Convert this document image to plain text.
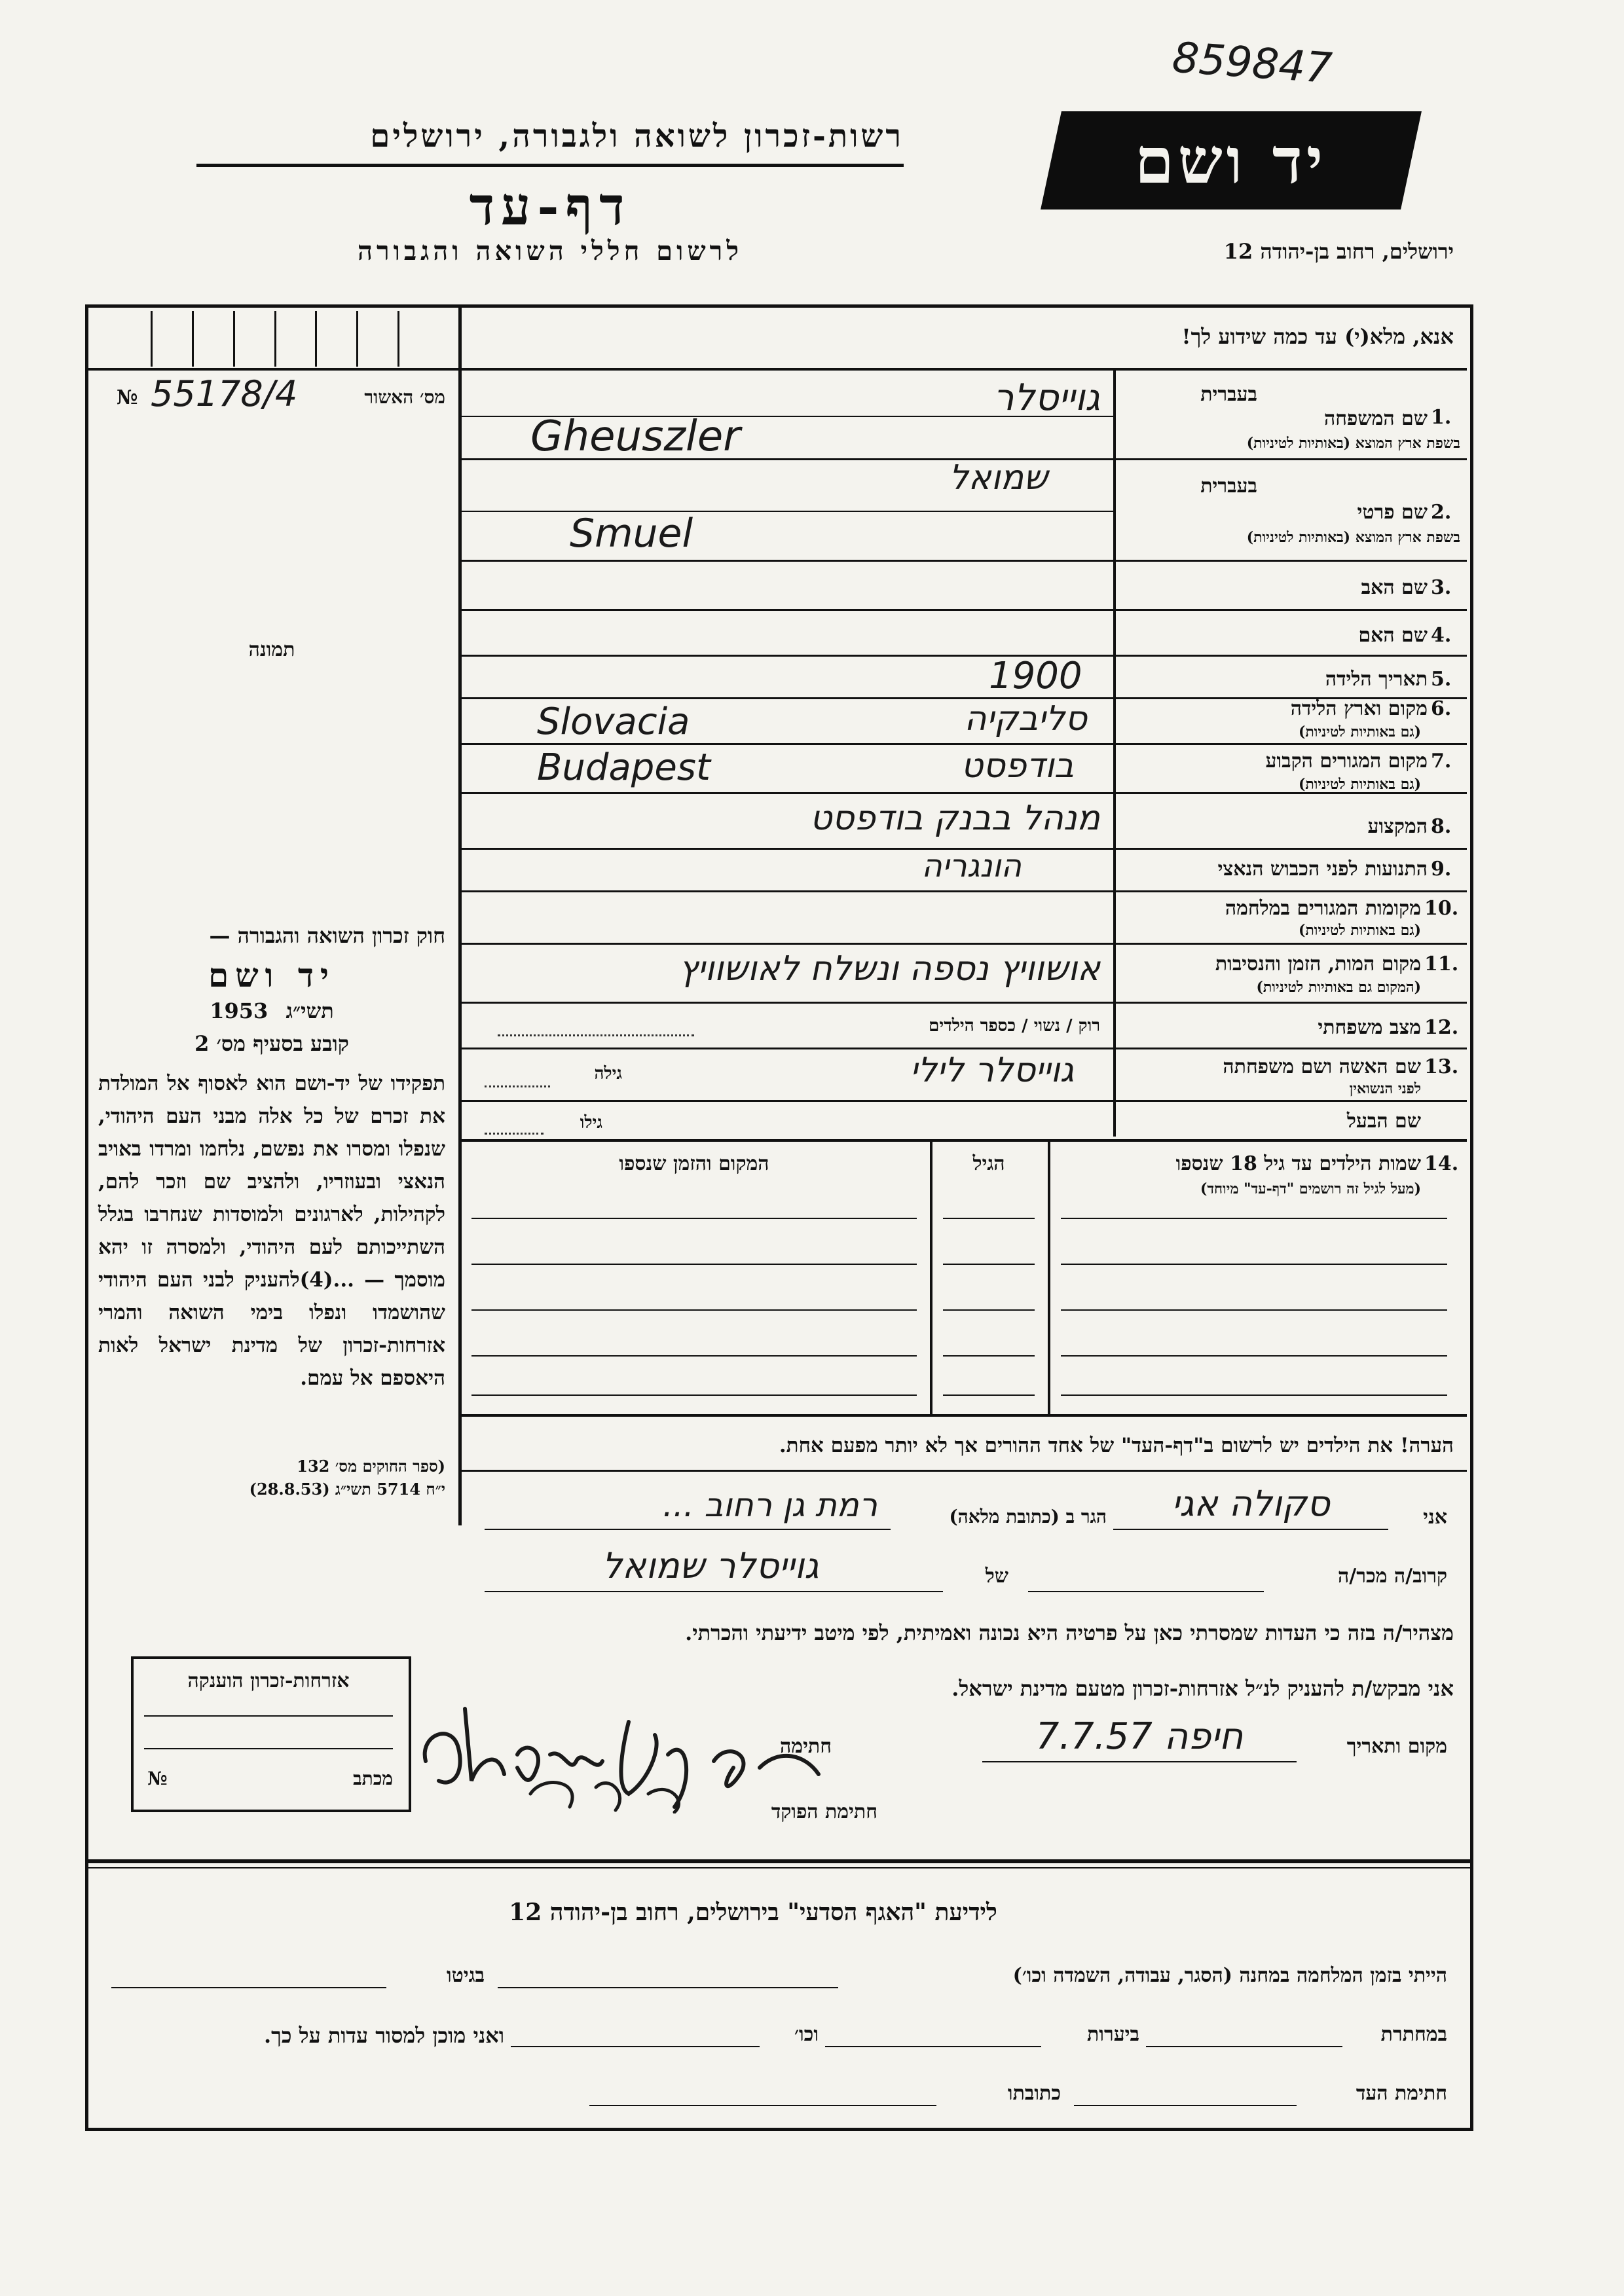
859847
רשות-זכרון לשואה ולגבורה, ירושלים
דף-עד
לרשום חללי השואה והגבורה
יד ושם
ירושלים, רחוב בן-יהודה 12
№ 55178/4	מס׳ האשור
תמונה
חוק זכרון השואה והגבורה —
יד ושם
1953 תשי״ג
קובע בסעיף מס׳ 2
תפקידו של יד-ושם הוא לאסוף אל המולדת את זכרם של כל אלה מבני העם היהודי, שנפלו ומסרו את נפשם, נלחמו ומרדו באויב הנאצי ובעוזריו, ולהציב שם וזכר להם, לקהילות, לארגונים ולמוסדות שנחרבו בגלל השתייכותם לעם היהודי, ולמסרה זו יהא מוסמך — ...(4)להעניק לבני העם היהודי שהושמדו ונפלו בימי השואה והמרי אזרחות-זכרון של מדינת ישראל לאות היאספם אל עמם.
(ספר החוקים מס׳ 132
י״ח 5714 תשי״ג (28.8.53)
אנא, מלא(י) עד כמה שידוע לך!
1.
בעברית
שם המשפחה
בשפת ארץ המוצא (באותיות לטיניות)
גוייסלר
Gheuszler
2.
בעברית
שם פרטי
בשפת ארץ המוצא (באותיות לטיניות)
שמואל
Smuel
3.
שם האב
4.
שם האם
5.
תאריך הלידה
1900
6.
מקום וארץ הלידה
(גם באותיות לטיניות)
Slovacia	סליבקיה
7.
מקום המגורים הקבוע
(גם באותיות לטיניות)
Budapest	בודפסט
8.
המקצוע
מנהל בבנק בודפסט
9.
התנועות לפני הכבוש הנאצי
הונגריה
10.
מקומות המגורים במלחמה
(גם באותיות לטיניות)
11.
מקום המות, הזמן והנסיבות
(המקום גם באותיות לטיניות)
אושוויץ נספה ונשלח לאושוויץ
12.
מצב משפחתי
רוק / נשוי / כספר הילדים
13.
שם האשה ושם משפחתה
לפני הנשואין
גוייסלר לילי
גילה
שם הבעל
גילו
14.
שמות הילדים עד גיל 18 שנספו
(מעל לגיל זה רושמים "דף-עד" מיוחד)
הגיל
המקום והזמן שנספו
הערה! את הילדים יש לרשום ב"דף-העד" של אחד ההורים אך לא יותר מפעם אחת.
אני
סקולה אגי
הגר ב (כתובת מלאה)
רמת גן רחוב ...
קרוב/ה מכר/ה
של
גוייסלר שמואל
מצהיר/ה בזה כי העדות שמסרתי כאן על פרטיה היא נכונה ואמיתית, לפי מיטב ידיעתי והכרתי.
אני מבקש/ת להעניק לנ״ל אזרחות-זכרון מטעם מדינת ישראל.
מקום ותאריך
חיפה 7.7.57
חתימה
חתימת הפוקד
אזרחות-זכרון הוענקה
№	מכתב
לידיעת "האגף הסדעי" בירושלים, רחוב בן-יהודה 12
הייתי בזמן המלחמה במחנה (הסגר, עבודה, השמדה וכו׳)
בגיטו
במחתרת
ביערות
וכו׳
ואני מוכן למסור עדות על כך.
חתימת העד
כתובתו
